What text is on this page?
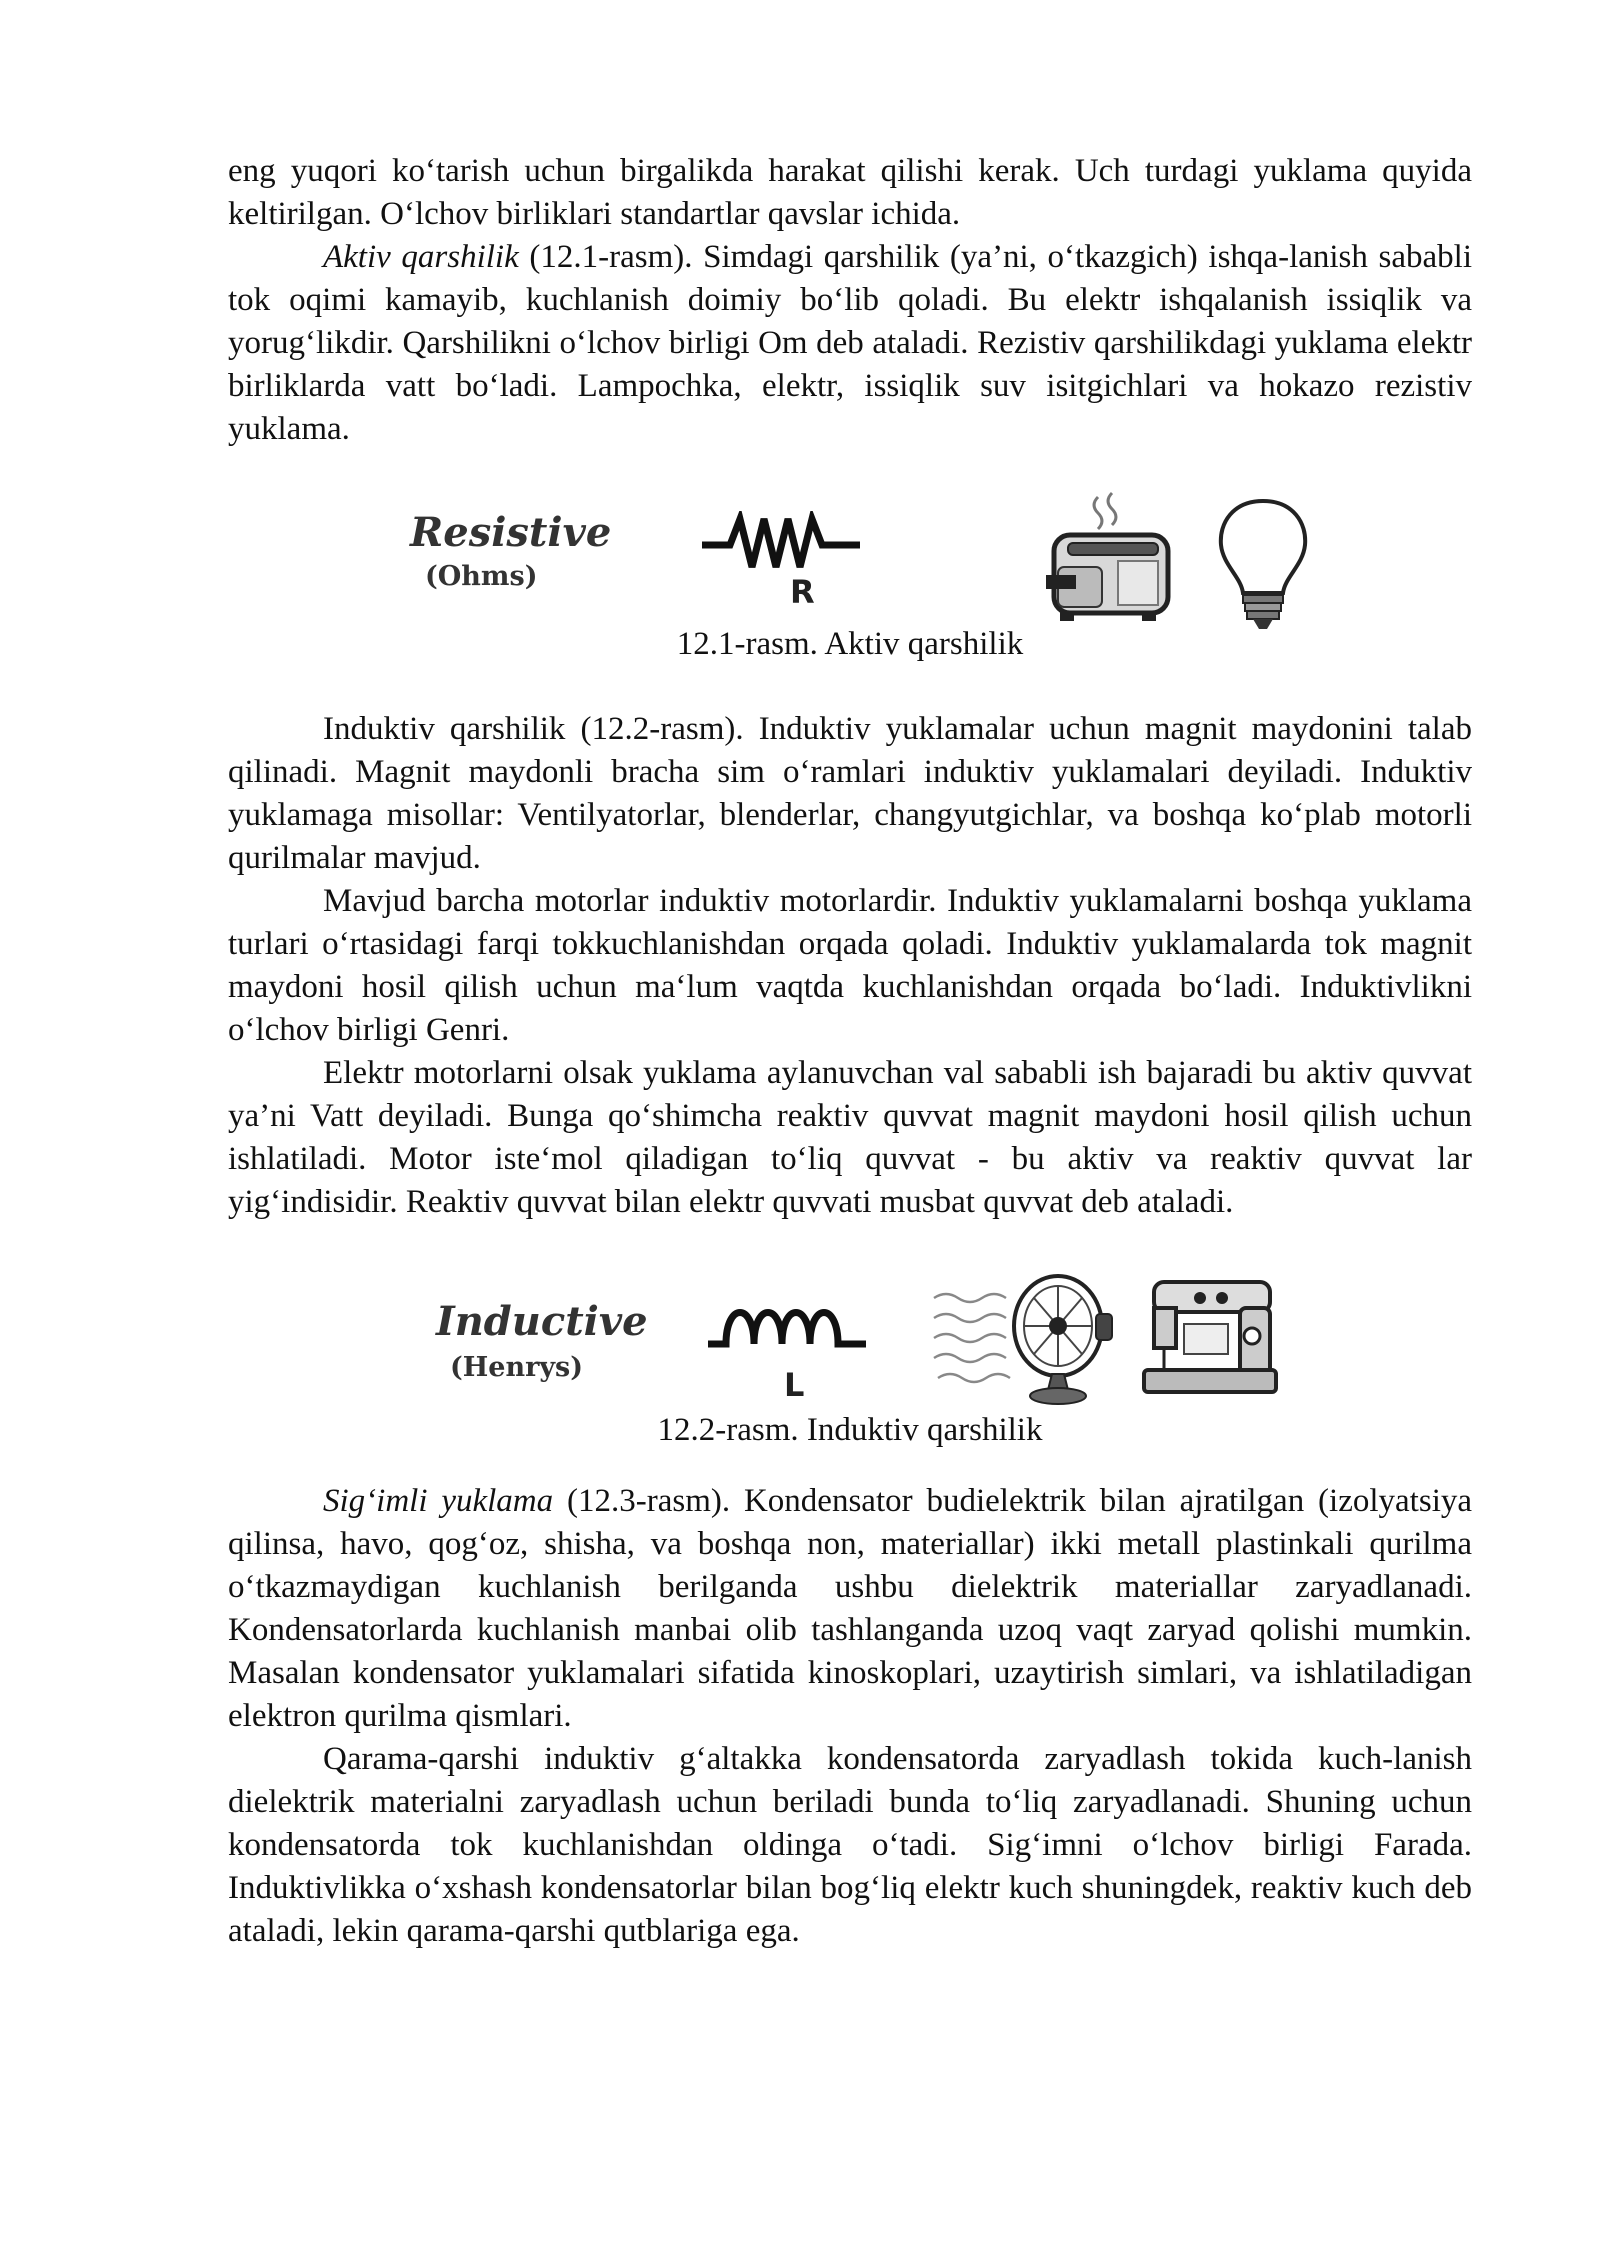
eng yuqori ko‘tarish uchun birgalikda harakat qilishi kerak. Uch turdagi yuklama quyida keltirilgan. O‘lchov birliklari standartlar qavslar ichida.

Aktiv qarshilik (12.1-rasm). Simdagi qarshilik (ya’ni, o‘tkazgich) ishqa-lanish sababli tok oqimi kamayib, kuchlanish doimiy bo‘lib qoladi. Bu elektr ishqalanish issiqlik va yorug‘likdir. Qarshilikni o‘lchov birligi Om deb ataladi. Rezistiv qarshilikdagi yuklama elektr birliklarda vatt bo‘ladi. Lampochka, elektr, issiqlik suv isitgichlari va hokazo rezistiv yuklama.

Resistive
(Ohms)	R
12.1-rasm. Aktiv qarshilik

Induktiv qarshilik (12.2-rasm). Induktiv yuklamalar uchun magnit maydonini talab qilinadi. Magnit maydonli bracha sim o‘ramlari induktiv yuklamalari deyiladi. Induktiv yuklamaga misollar: Ventilyatorlar, blenderlar, changyutgichlar, va boshqa ko‘plab motorli qurilmalar mavjud.

Mavjud barcha motorlar induktiv motorlardir. Induktiv yuklamalarni boshqa yuklama turlari o‘rtasidagi farqi tokkuchlanishdan orqada qoladi. Induktiv yuklamalarda tok magnit maydoni hosil qilish uchun ma‘lum vaqtda kuchlanishdan orqada bo‘ladi. Induktivlikni o‘lchov birligi Genri.

Elektr motorlarni olsak yuklama aylanuvchan val sababli ish bajaradi bu aktiv quvvat ya’ni Vatt deyiladi. Bunga qo‘shimcha reaktiv quvvat magnit maydoni hosil qilish uchun ishlatiladi. Motor iste‘mol qiladigan to‘liq quvvat - bu aktiv va reaktiv quvvat lar yig‘indisidir. Reaktiv quvvat bilan elektr quvvati musbat quvvat deb ataladi.

Inductive
(Henrys)	L
12.2-rasm. Induktiv qarshilik

Sig‘imli yuklama (12.3-rasm). Kondensator budielektrik bilan ajratilgan (izolyatsiya qilinsa, havo, qog‘oz, shisha, va boshqa non, materiallar) ikki metall plastinkali qurilma o‘tkazmaydigan kuchlanish berilganda ushbu dielektrik materiallar zaryadlanadi. Kondensatorlarda kuchlanish manbai olib tashlanganda uzoq vaqt zaryad qolishi mumkin. Masalan kondensator yuklamalari sifatida kinoskoplari, uzaytirish simlari, va ishlatiladigan elektron qurilma qismlari.

Qarama-qarshi induktiv g‘altakka kondensatorda zaryadlash tokida kuch-lanish dielektrik materialni zaryadlash uchun beriladi bunda to‘liq zaryadlanadi. Shuning uchun kondensatorda tok kuchlanishdan oldinga o‘tadi. Sig‘imni o‘lchov birligi Farada. Induktivlikka o‘xshash kondensatorlar bilan bog‘liq elektr kuch shuningdek, reaktiv kuch deb ataladi, lekin qarama-qarshi qutblariga ega.
